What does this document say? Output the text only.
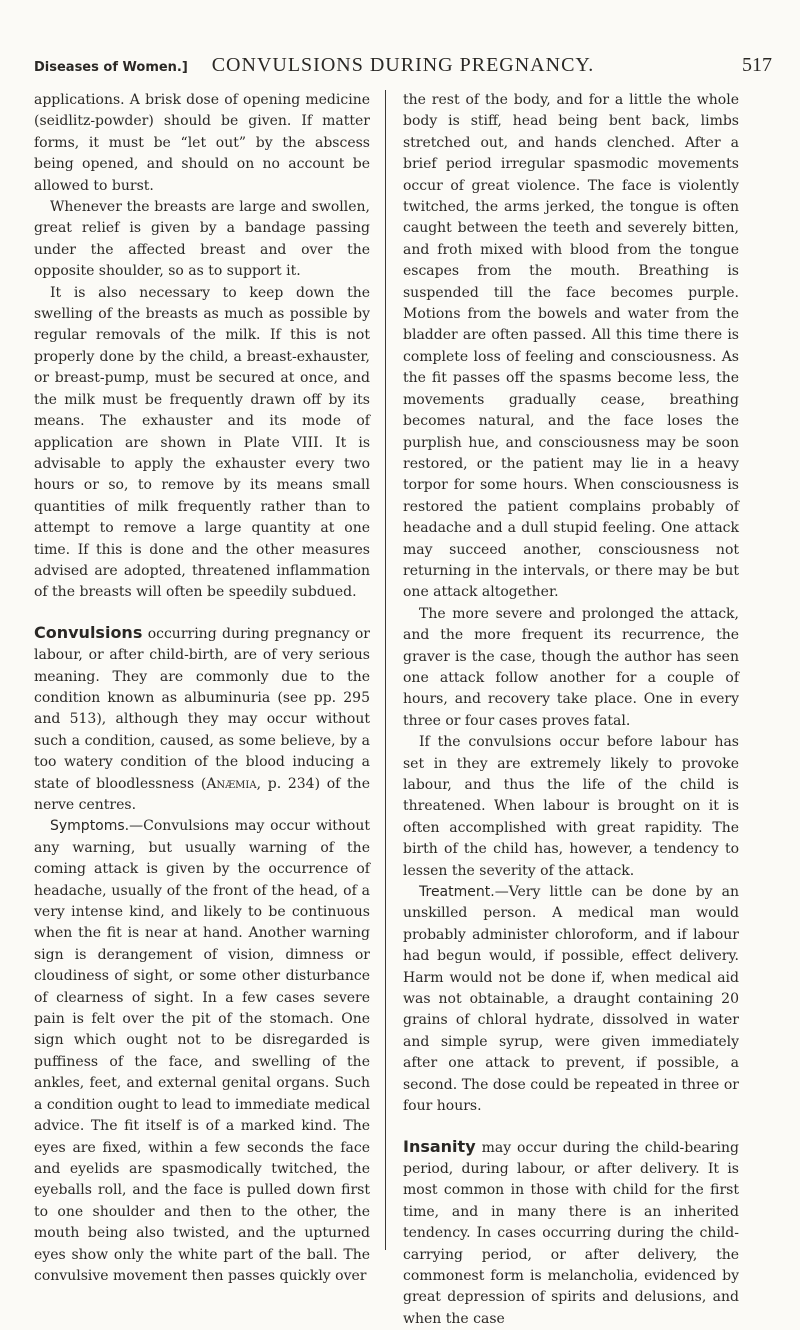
Diseases of Women.]	CONVULSIONS DURING PREGNANCY.	517

applications. A brisk dose of opening medicine (seidlitz-powder) should be given. If matter forms, it must be “let out” by the abscess being opened, and should on no account be allowed to burst.

Whenever the breasts are large and swollen, great relief is given by a bandage passing under the affected breast and over the opposite shoulder, so as to support it.

It is also necessary to keep down the swelling of the breasts as much as possible by regular removals of the milk. If this is not properly done by the child, a breast-exhauster, or breast-pump, must be secured at once, and the milk must be frequently drawn off by its means. The exhauster and its mode of application are shown in Plate VIII. It is advisable to apply the exhauster every two hours or so, to remove by its means small quantities of milk frequently rather than to attempt to remove a large quantity at one time. If this is done and the other measures advised are adopted, threatened inflammation of the breasts will often be speedily subdued.

Convulsions occurring during pregnancy or labour, or after child-birth, are of very serious meaning. They are commonly due to the condition known as albuminuria (see pp. 295 and 513), although they may occur without such a condition, caused, as some believe, by a too watery condition of the blood inducing a state of bloodlessness (Anæmia, p. 234) of the nerve centres.

Symptoms.—Convulsions may occur without any warning, but usually warning of the coming attack is given by the occurrence of headache, usually of the front of the head, of a very intense kind, and likely to be continuous when the fit is near at hand. Another warning sign is derangement of vision, dimness or cloudiness of sight, or some other disturbance of clearness of sight. In a few cases severe pain is felt over the pit of the stomach. One sign which ought not to be disregarded is puffiness of the face, and swelling of the ankles, feet, and external genital organs. Such a condition ought to lead to immediate medical advice. The fit itself is of a marked kind. The eyes are fixed, within a few seconds the face and eyelids are spasmodically twitched, the eyeballs roll, and the face is pulled down first to one shoulder and then to the other, the mouth being also twisted, and the upturned eyes show only the white part of the ball. The convulsive movement then passes quickly over

the rest of the body, and for a little the whole body is stiff, head being bent back, limbs stretched out, and hands clenched. After a brief period irregular spasmodic movements occur of great violence. The face is violently twitched, the arms jerked, the tongue is often caught between the teeth and severely bitten, and froth mixed with blood from the tongue escapes from the mouth. Breathing is suspended till the face becomes purple. Motions from the bowels and water from the bladder are often passed. All this time there is complete loss of feeling and consciousness. As the fit passes off the spasms become less, the movements gradually cease, breathing becomes natural, and the face loses the purplish hue, and consciousness may be soon restored, or the patient may lie in a heavy torpor for some hours. When consciousness is restored the patient complains probably of headache and a dull stupid feeling. One attack may succeed another, consciousness not returning in the intervals, or there may be but one attack altogether.

The more severe and prolonged the attack, and the more frequent its recurrence, the graver is the case, though the author has seen one attack follow another for a couple of hours, and recovery take place. One in every three or four cases proves fatal.

If the convulsions occur before labour has set in they are extremely likely to provoke labour, and thus the life of the child is threatened. When labour is brought on it is often accomplished with great rapidity. The birth of the child has, however, a tendency to lessen the severity of the attack.

Treatment.—Very little can be done by an unskilled person. A medical man would probably administer chloroform, and if labour had begun would, if possible, effect delivery. Harm would not be done if, when medical aid was not obtainable, a draught containing 20 grains of chloral hydrate, dissolved in water and simple syrup, were given immediately after one attack to prevent, if possible, a second. The dose could be repeated in three or four hours.

Insanity may occur during the child-bearing period, during labour, or after delivery. It is most common in those with child for the first time, and in many there is an inherited tendency. In cases occurring during the child-carrying period, or after delivery, the commonest form is melancholia, evidenced by great depression of spirits and delusions, and when the case
